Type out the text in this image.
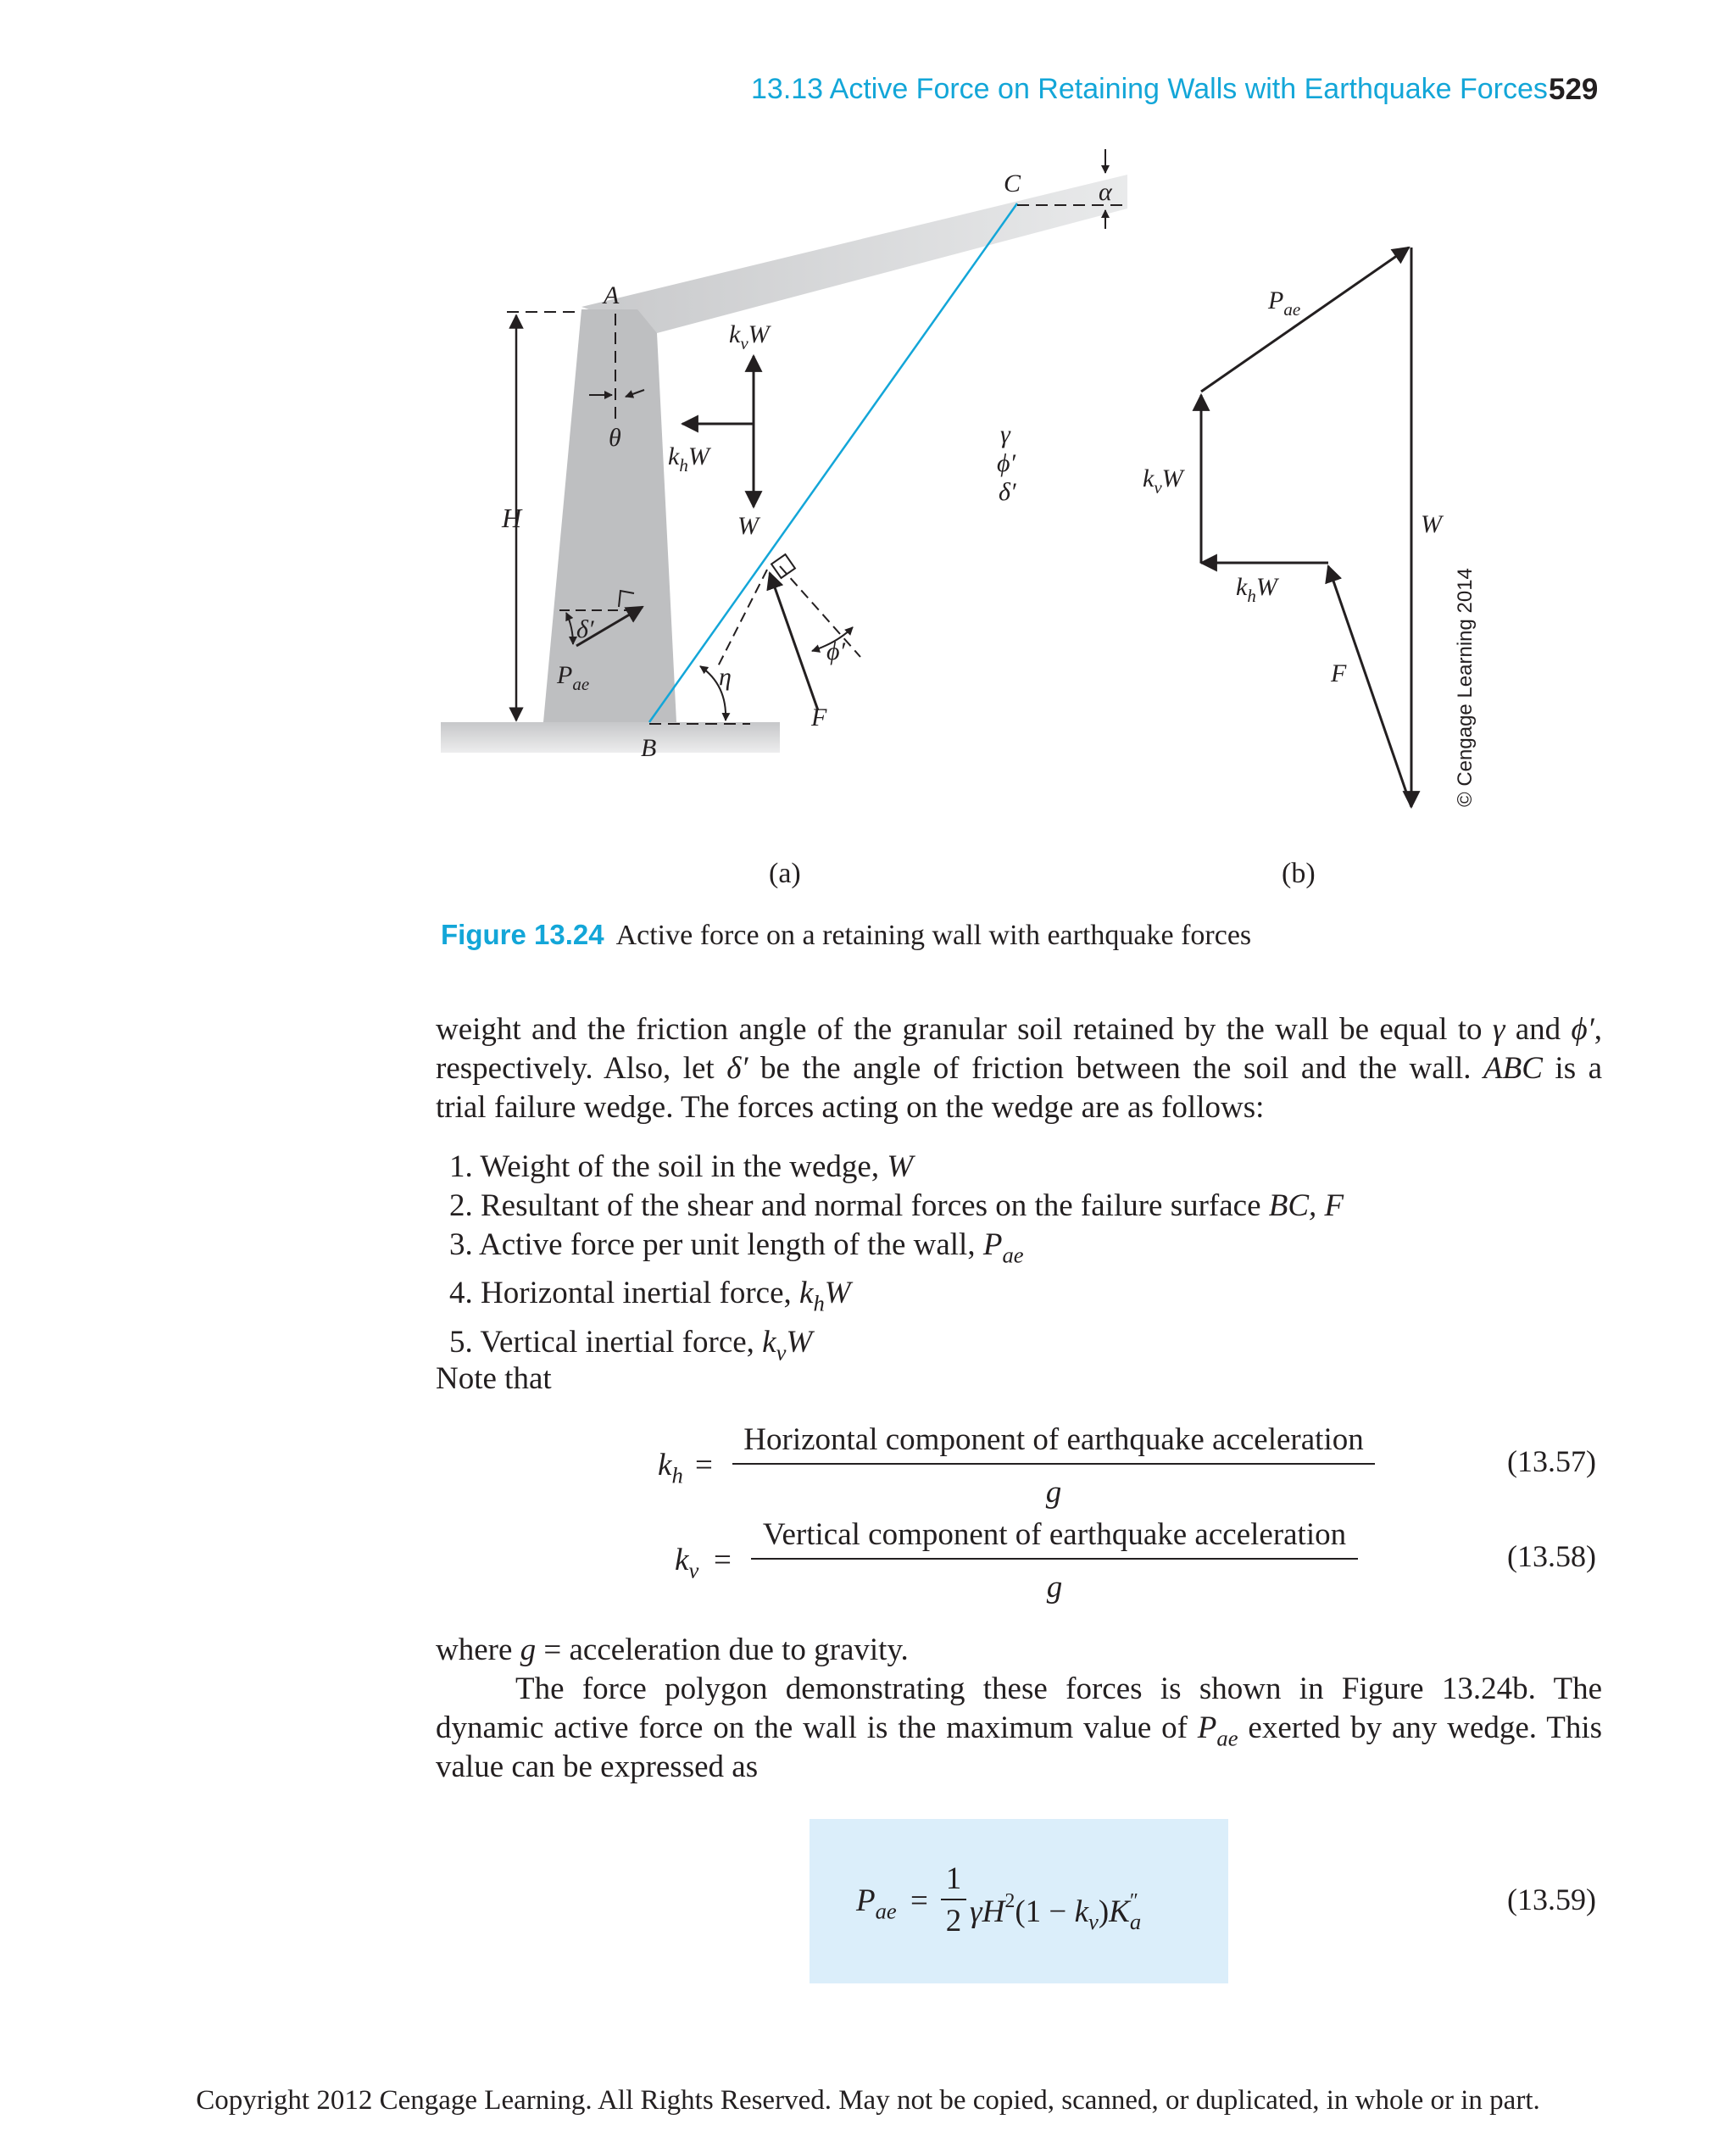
13.13 Active Force on Retaining Walls with Earthquake Forces 529
A
B
C	α
θ
H
δ′
$P_{ae}$
$k_vW$
$k_hW$
W
η
F
ϕ′
γ
ϕ′
δ′
$P_{ae}$
$k_vW$
$k_hW$
F
W
© Cengage Learning 2014
(a)	(b)
Figure 13.24 Active force on a retaining wall with earthquake forces
weight and the friction angle of the granular soil retained by the wall be equal to γ and ϕ′,
respectively. Also, let δ′ be the angle of friction between the soil and the wall. ABC is a
trial failure wedge. The forces acting on the wedge are as follows:
1. Weight of the soil in the wedge, W
2. Resultant of the shear and normal forces on the failure surface BC, F
3. Active force per unit length of the wall, $P_{ae}$
4. Horizontal inertial force, $k_hW$
5. Vertical inertial force, $k_vW$
Note that
$k_h$ =
Horizontal component of earthquake acceleration
g
(13.57)
$k_v$ =
Vertical component of earthquake acceleration
g
(13.58)
where g = acceleration due to gravity.
The force polygon demonstrating these forces is shown in Figure 13.24b. The
dynamic active force on the wall is the maximum value of $P_{ae}$ exerted by any wedge. This
value can be expressed as
$P_{ae}$ =
1
2 $\gamma H^2(1 - k_v)K''_a$
(13.59)
Copyright 2012 Cengage Learning. All Rights Reserved. May not be copied, scanned, or duplicated, in whole or in part.
